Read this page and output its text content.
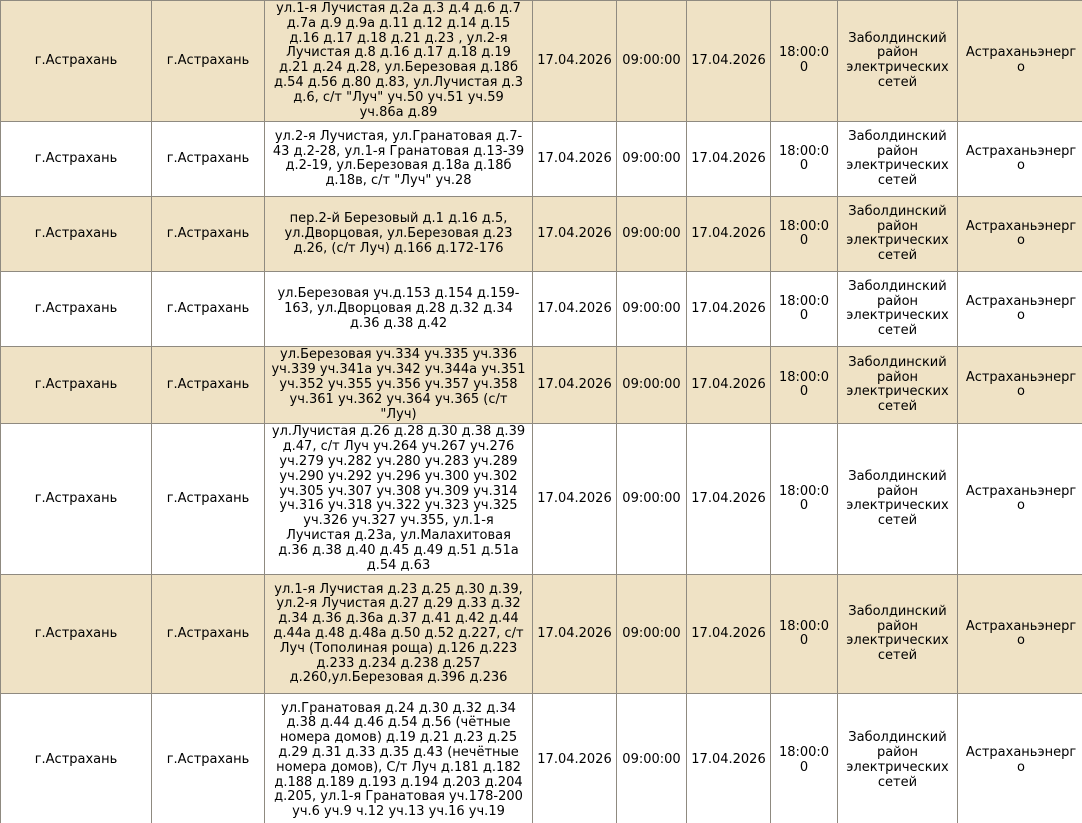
г.Астрахань	г.Астрахань	ул.1-я Лучистая д.2а д.3 д.4 д.6 д.7 д.7а д.9 д.9а д.11 д.12 д.14 д.15 д.16 д.17 д.18 д.21 д.23 , ул.2-я Лучистая д.8 д.16 д.17 д.18 д.19 д.21 д.24 д.28, ул.Березовая д.18б д.54 д.56 д.80 д.83, ул.Лучистая д.3 д.6, с/т "Луч" уч.50 уч.51 уч.59 уч.86а д.89	17.04.2026	09:00:00	17.04.2026	18:00:00	Заболдинский район электрических сетей	Астраханьэнерго
г.Астрахань	г.Астрахань	ул.2-я Лучистая, ул.Гранатовая д.7-43 д.2-28, ул.1-я Гранатовая д.13-39 д.2-19, ул.Березовая д.18а д.18б д.18в, с/т "Луч" уч.28	17.04.2026	09:00:00	17.04.2026	18:00:00	Заболдинский район электрических сетей	Астраханьэнерго
г.Астрахань	г.Астрахань	пер.2-й Березовый д.1 д.16 д.5, ул.Дворцовая, ул.Березовая д.23 д.26, (с/т Луч) д.166 д.172-176	17.04.2026	09:00:00	17.04.2026	18:00:00	Заболдинский район электрических сетей	Астраханьэнерго
г.Астрахань	г.Астрахань	ул.Березовая уч.д.153 д.154 д.159-163, ул.Дворцовая д.28 д.32 д.34 д.36 д.38 д.42	17.04.2026	09:00:00	17.04.2026	18:00:00	Заболдинский район электрических сетей	Астраханьэнерго
г.Астрахань	г.Астрахань	ул.Березовая уч.334 уч.335 уч.336 уч.339 уч.341а уч.342 уч.344а уч.351 уч.352 уч.355 уч.356 уч.357 уч.358 уч.361 уч.362 уч.364 уч.365 (с/т "Луч)	17.04.2026	09:00:00	17.04.2026	18:00:00	Заболдинский район электрических сетей	Астраханьэнерго
г.Астрахань	г.Астрахань	ул.Лучистая д.26 д.28 д.30 д.38 д.39 д.47, с/т Луч уч.264 уч.267 уч.276 уч.279 уч.282 уч.280 уч.283 уч.289 уч.290 уч.292 уч.296 уч.300 уч.302 уч.305 уч.307 уч.308 уч.309 уч.314 уч.316 уч.318 уч.322 уч.323 уч.325 уч.326 уч.327 уч.355, ул.1-я Лучистая д.23а, ул.Малахитовая д.36 д.38 д.40 д.45 д.49 д.51 д.51а д.54 д.63	17.04.2026	09:00:00	17.04.2026	18:00:00	Заболдинский район электрических сетей	Астраханьэнерго
г.Астрахань	г.Астрахань	ул.1-я Лучистая д.23 д.25 д.30 д.39, ул.2-я Лучистая д.27 д.29 д.33 д.32 д.34 д.36 д.36а д.37 д.41 д.42 д.44 д.44а д.48 д.48а д.50 д.52 д.227, с/т Луч (Тополиная роща) д.126 д.223 д.233 д.234 д.238 д.257 д.260,ул.Березовая д.396 д.236	17.04.2026	09:00:00	17.04.2026	18:00:00	Заболдинский район электрических сетей	Астраханьэнерго
г.Астрахань	г.Астрахань	ул.Гранатовая д.24 д.30 д.32 д.34 д.38 д.44 д.46 д.54 д.56 (чётные номера домов) д.19 д.21 д.23 д.25 д.29 д.31 д.33 д.35 д.43 (нечётные номера домов), С/т Луч д.181 д.182 д.188 д.189 д.193 д.194 д.203 д.204 д.205, ул.1-я Гранатовая уч.178-200 уч.6 уч.9 ч.12 уч.13 уч.16 уч.19	17.04.2026	09:00:00	17.04.2026	18:00:00	Заболдинский район электрических сетей	Астраханьэнерго
